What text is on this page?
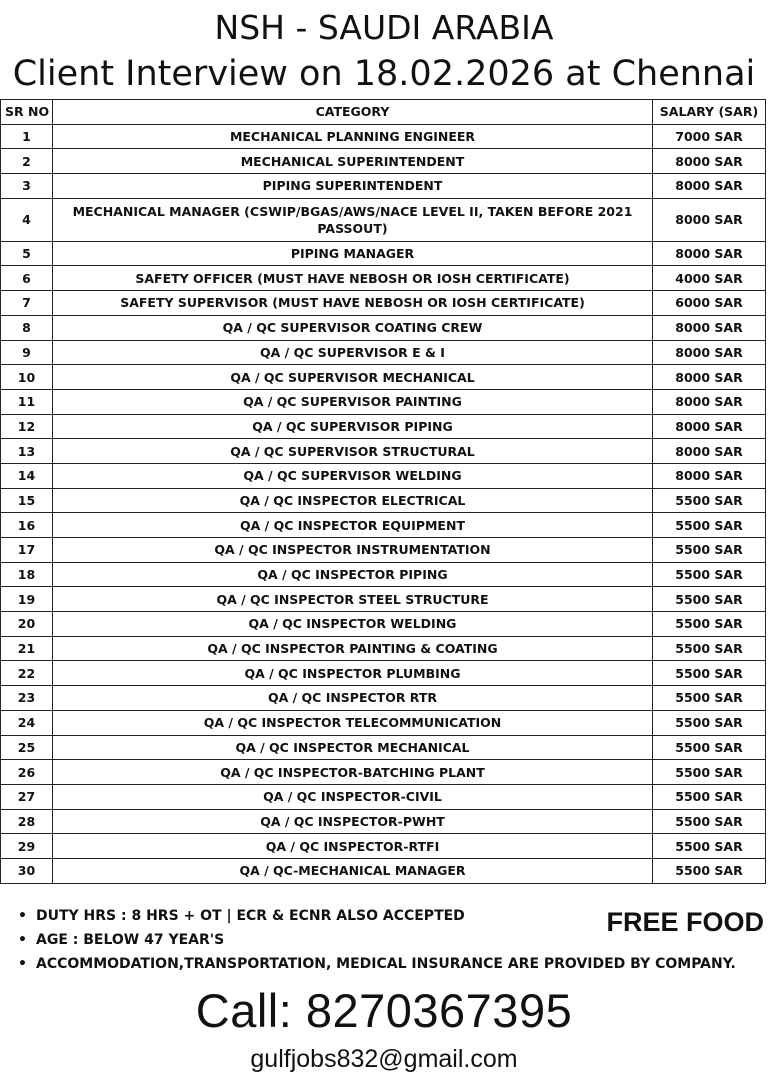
NSH - SAUDI ARABIA
Client Interview on 18.02.2026 at Chennai
SR NO	CATEGORY	SALARY (SAR)
1	MECHANICAL PLANNING ENGINEER	7000 SAR
2	MECHANICAL SUPERINTENDENT	8000 SAR
3	PIPING SUPERINTENDENT	8000 SAR
4	MECHANICAL MANAGER (CSWIP/BGAS/AWS/NACE LEVEL II, TAKEN BEFORE 2021 PASSOUT)	8000 SAR
5	PIPING MANAGER	8000 SAR
6	SAFETY OFFICER (MUST HAVE NEBOSH OR IOSH CERTIFICATE)	4000 SAR
7	SAFETY SUPERVISOR (MUST HAVE NEBOSH OR IOSH CERTIFICATE)	6000 SAR
8	QA / QC SUPERVISOR COATING CREW	8000 SAR
9	QA / QC SUPERVISOR E & I	8000 SAR
10	QA / QC SUPERVISOR MECHANICAL	8000 SAR
11	QA / QC SUPERVISOR PAINTING	8000 SAR
12	QA / QC SUPERVISOR PIPING	8000 SAR
13	QA / QC SUPERVISOR STRUCTURAL	8000 SAR
14	QA / QC SUPERVISOR WELDING	8000 SAR
15	QA / QC INSPECTOR ELECTRICAL	5500 SAR
16	QA / QC INSPECTOR EQUIPMENT	5500 SAR
17	QA / QC INSPECTOR INSTRUMENTATION	5500 SAR
18	QA / QC INSPECTOR PIPING	5500 SAR
19	QA / QC INSPECTOR STEEL STRUCTURE	5500 SAR
20	QA / QC INSPECTOR WELDING	5500 SAR
21	QA / QC INSPECTOR PAINTING & COATING	5500 SAR
22	QA / QC INSPECTOR PLUMBING	5500 SAR
23	QA / QC INSPECTOR RTR	5500 SAR
24	QA / QC INSPECTOR TELECOMMUNICATION	5500 SAR
25	QA / QC INSPECTOR MECHANICAL	5500 SAR
26	QA / QC INSPECTOR-BATCHING PLANT	5500 SAR
27	QA / QC INSPECTOR-CIVIL	5500 SAR
28	QA / QC INSPECTOR-PWHT	5500 SAR
29	QA / QC INSPECTOR-RTFI	5500 SAR
30	QA / QC-MECHANICAL MANAGER	5500 SAR
• DUTY HRS : 8 HRS + OT | ECR & ECNR ALSO ACCEPTED
• AGE : BELOW 47 YEAR'S
• ACCOMMODATION,TRANSPORTATION, MEDICAL INSURANCE ARE PROVIDED BY COMPANY.
FREE FOOD
Call: 8270367395
gulfjobs832@gmail.com
